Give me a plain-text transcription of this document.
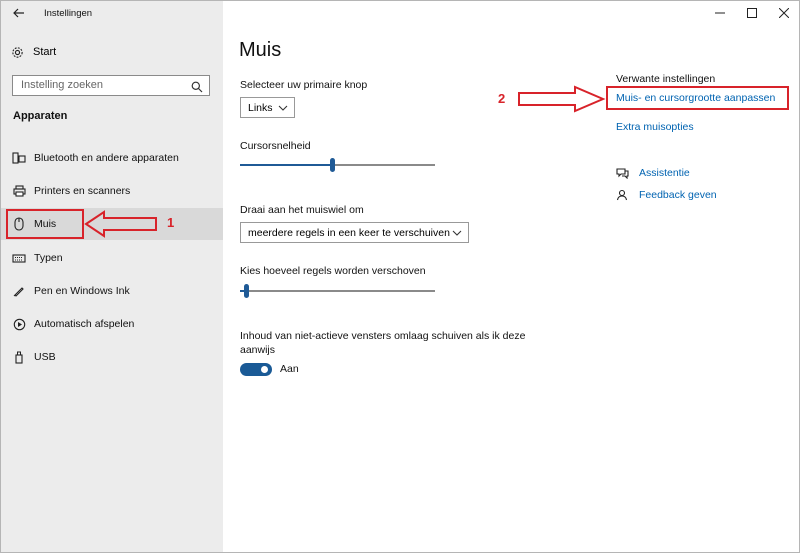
Instellingen
Start
Instelling zoeken
Apparaten
Bluetooth en andere apparaten
Printers en scanners
Muis
Typen
Pen en Windows Ink
Automatisch afspelen
USB
1
Muis
Selecteer uw primaire knop
Links
Cursorsnelheid
Draai aan het muiswiel om
meerdere regels in een keer te verschuiven
Kies hoeveel regels worden verschoven
Inhoud van niet-actieve vensters omlaag schuiven als ik deze aanwijs
Aan
Verwante instellingen
Muis- en cursorgrootte aanpassen
2
Extra muisopties
Assistentie
Feedback geven
